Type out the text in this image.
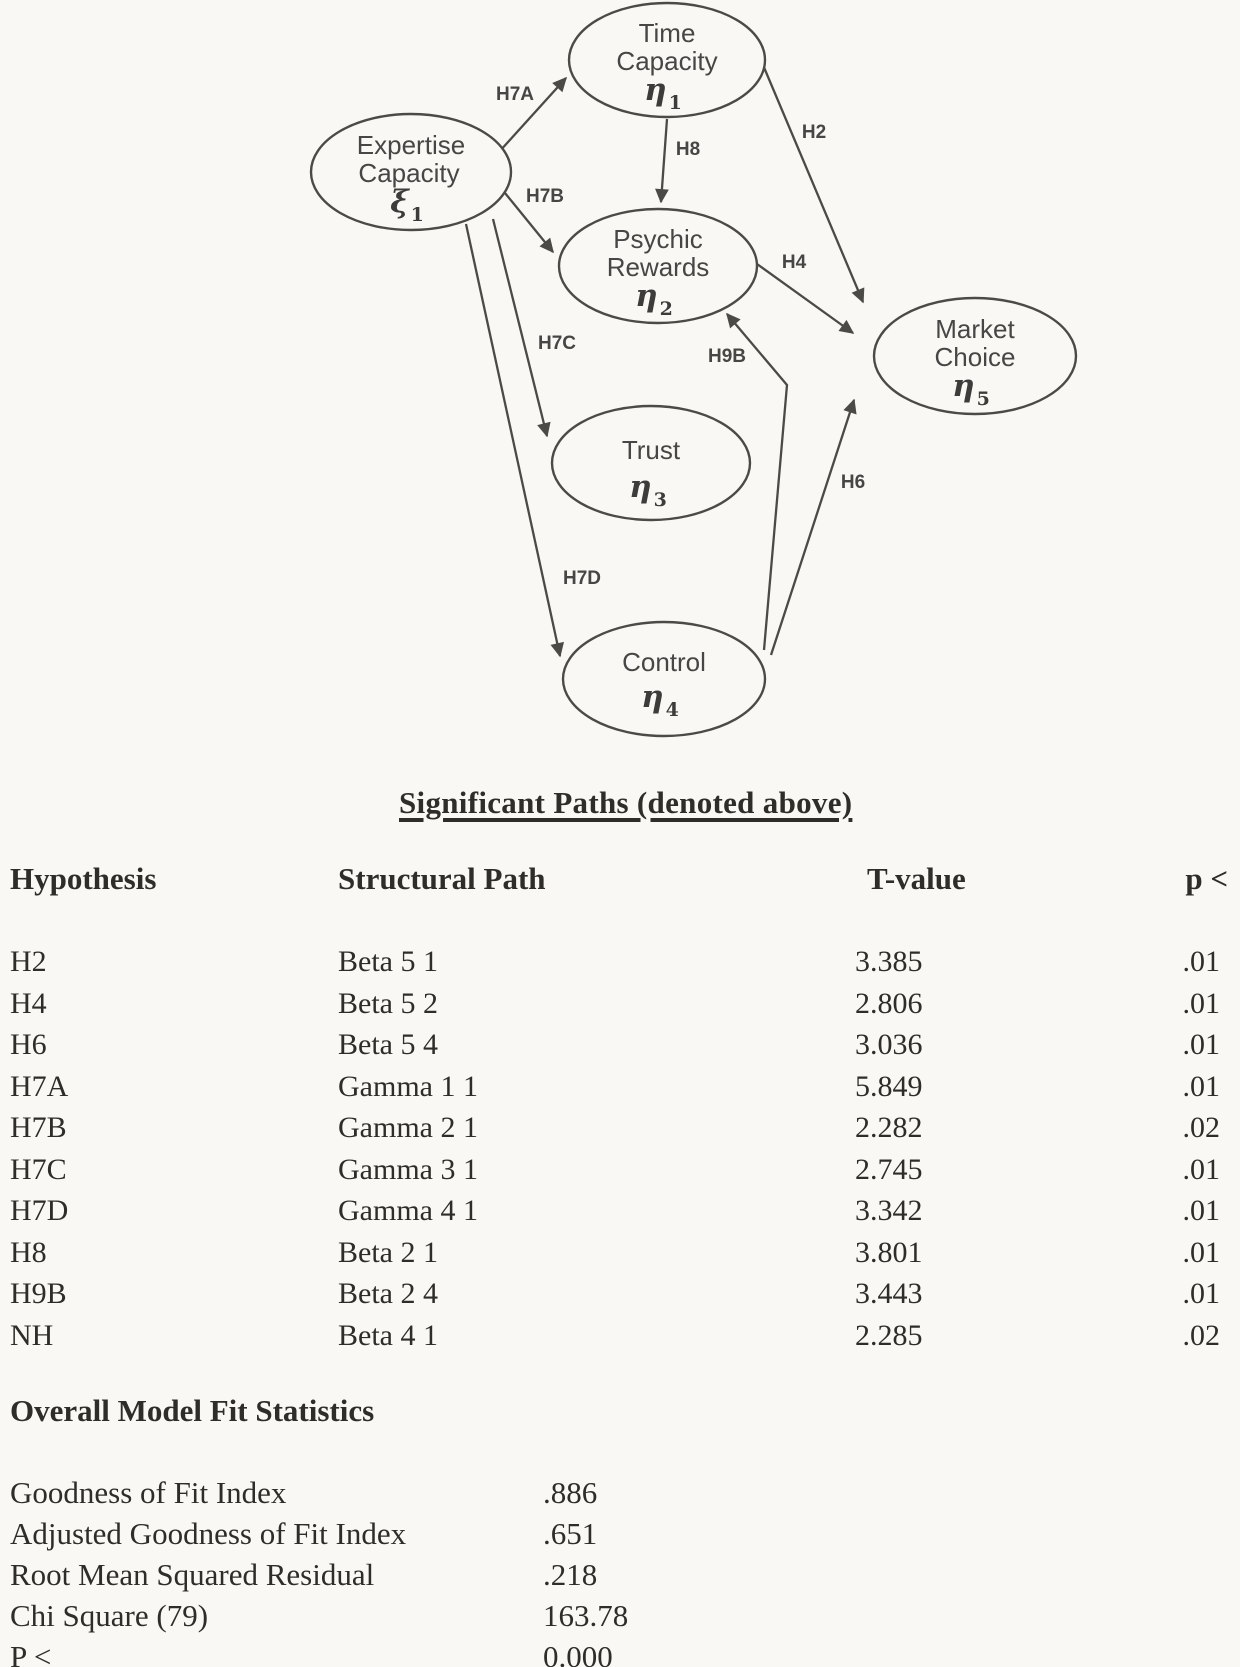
Time
Capacity
η $_1$
Expertise
Capacity
ξ $_1$
Psychic
Rewards
η $_2$
Market
Choice
η $_5$
Trust
η $_3$
Control
η $_4$
H7A
H7B
H7C
H7D
H8
H2
H4
H9B
H6
Significant Paths (denoted above)
Hypothesis	Structural Path	T-value	p <
H2	Beta 5 1	3.385	.01
H4	Beta 5 2	2.806	.01
H6	Beta 5 4	3.036	.01
H7A	Gamma 1 1	5.849	.01
H7B	Gamma 2 1	2.282	.02
H7C	Gamma 3 1	2.745	.01
H7D	Gamma 4 1	3.342	.01
H8	Beta 2 1	3.801	.01
H9B	Beta 2 4	3.443	.01
NH	Beta 4 1	2.285	.02
Overall Model Fit Statistics
Goodness of Fit Index	.886
Adjusted Goodness of Fit Index	.651
Root Mean Squared Residual	.218
Chi Square (79)	163.78
P <	0.000
